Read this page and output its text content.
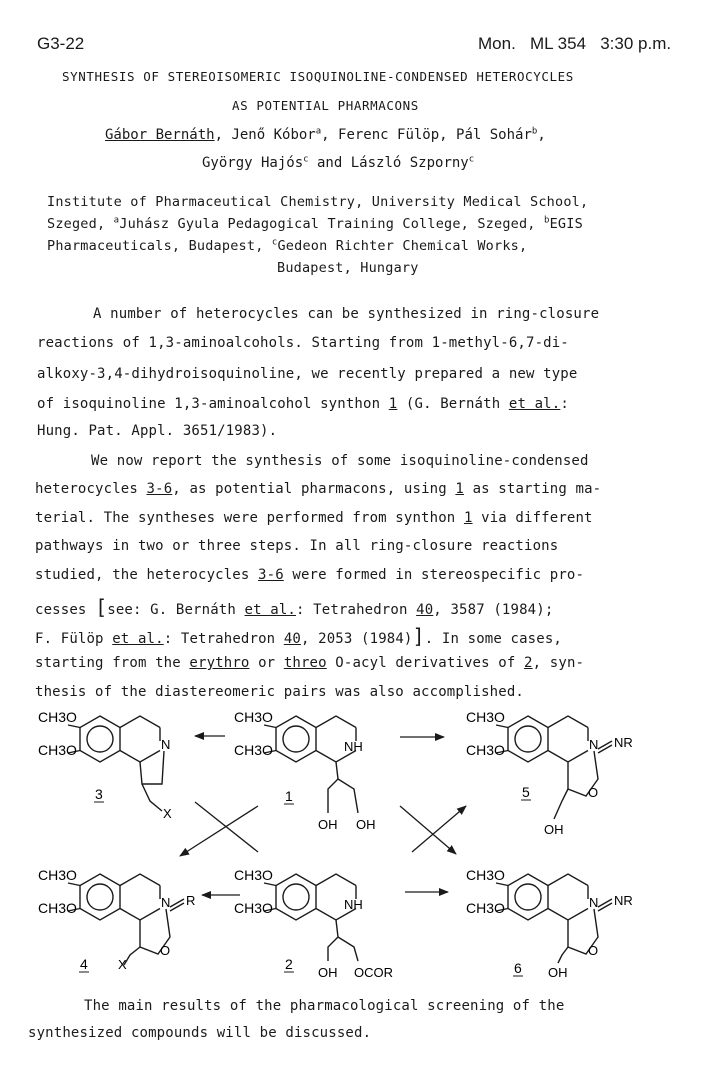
G3-22	Mon.   ML 354   3:30 p.m.
SYNTHESIS OF STEREOISOMERIC ISOQUINOLINE-CONDENSED HETEROCYCLES
AS POTENTIAL PHARMACONS
Gábor Bernáth, Jenő Kóbor$^a$, Ferenc Fülöp, Pál Sohár$^b$,
György Hajós$^c$ and László Szporny$^c$
Institute of Pharmaceutical Chemistry, University Medical School,
Szeged, $^a$Juhász Gyula Pedagogical Training College, Szeged, $^b$EGIS
Pharmaceuticals, Budapest, $^c$Gedeon Richter Chemical Works,
Budapest, Hungary
A number of heterocycles can be synthesized in ring-closure
reactions of 1,3-aminoalcohols. Starting from 1-methyl-6,7-di-
alkoxy-3,4-dihydroisoquinoline, we recently prepared a new type
of isoquinoline 1,3-aminoalcohol synthon 1 (G. Bernáth et al.:
Hung. Pat. Appl. 3651/1983).
We now report the synthesis of some isoquinoline-condensed
heterocycles 3-6, as potential pharmacons, using 1 as starting ma-
terial. The syntheses were performed from synthon 1 via different
pathways in two or three steps. In all ring-closure reactions
studied, the heterocycles 3-6 were formed in stereospecific pro-
cesses [see: G. Bernáth et al.: Tetrahedron 40, 3587 (1984);
F. Fülöp et al.: Tetrahedron 40, 2053 (1984)]. In some cases,
starting from the erythro or threo O-acyl derivatives of 2, syn-
thesis of the diastereomeric pairs was also accomplished.
N
X
CH3O
CH3O	NH
OH OH
CH3O
CH3O	N NR
O
OH
CH3O
CH3O
N R
O
X
CH3O
CH3O	NH
OH OCOR
CH3O
CH3O	N NR
O
OH
CH3O
CH3O
3	1	5
4	2	6
The main results of the pharmacological screening of the
synthesized compounds will be discussed.
